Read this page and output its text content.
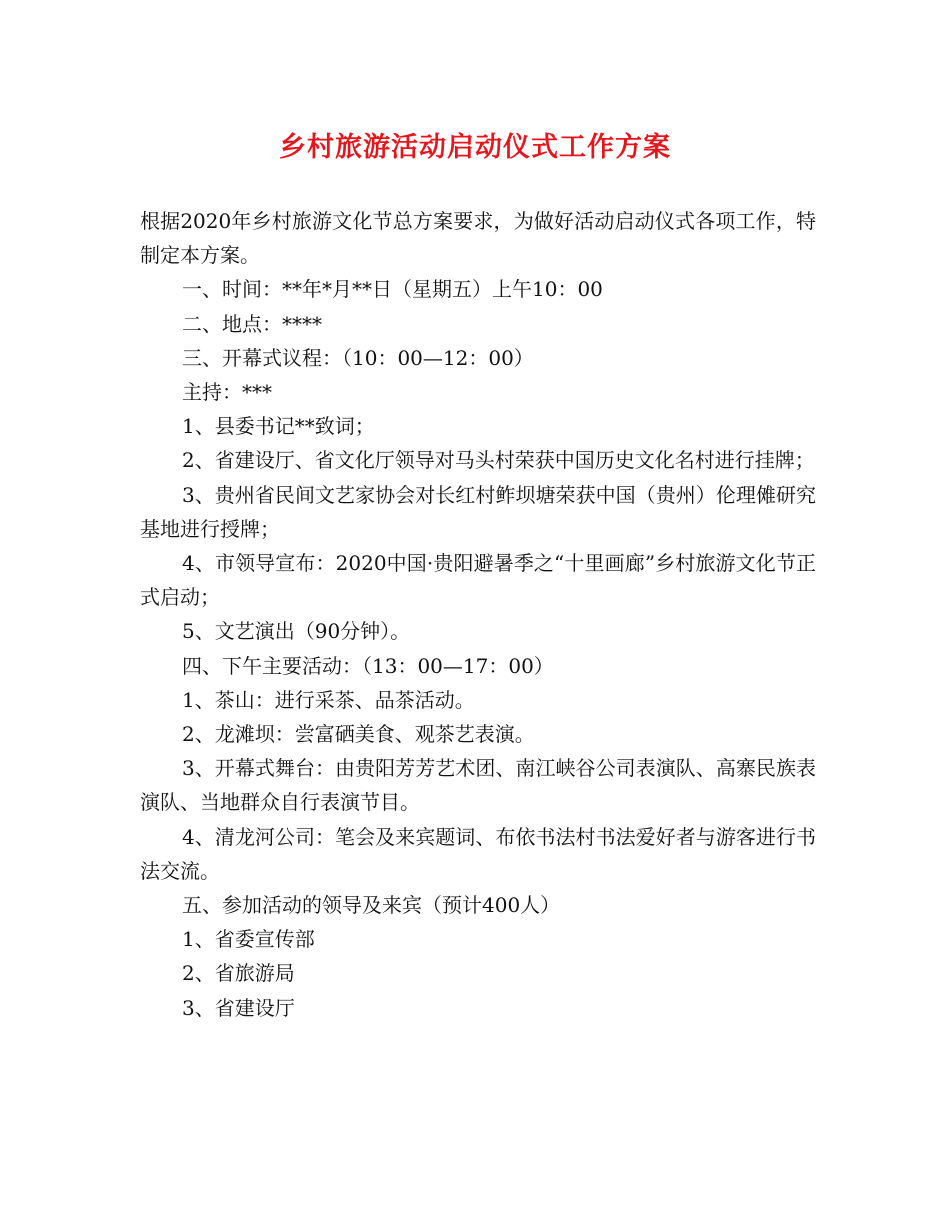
乡村旅游活动启动仪式工作方案

根据2020年乡村旅游文化节总方案要求，为做好活动启动仪式各项工作，特制定本方案。

一、时间：**年*月**日（星期五）上午10：00

二、地点：****

三、开幕式议程：（10：00—12：00）

主持：***

1、县委书记**致词；

2、省建设厅、省文化厅领导对马头村荣获中国历史文化名村进行挂牌；

3、贵州省民间文艺家协会对长红村鲊坝塘荣获中国（贵州）伦理傩研究基地进行授牌；

4、市领导宣布：2020中国·贵阳避暑季之“十里画廊”乡村旅游文化节正式启动；

5、文艺演出（90分钟）。

四、下午主要活动：（13：00—17：00）

1、茶山：进行采茶、品茶活动。

2、龙滩坝：尝富硒美食、观茶艺表演。

3、开幕式舞台：由贵阳芳芳艺术团、南江峡谷公司表演队、高寨民族表演队、当地群众自行表演节目。

4、清龙河公司：笔会及来宾题词、布依书法村书法爱好者与游客进行书法交流。

五、参加活动的领导及来宾（预计400人）

1、省委宣传部

2、省旅游局

3、省建设厅
